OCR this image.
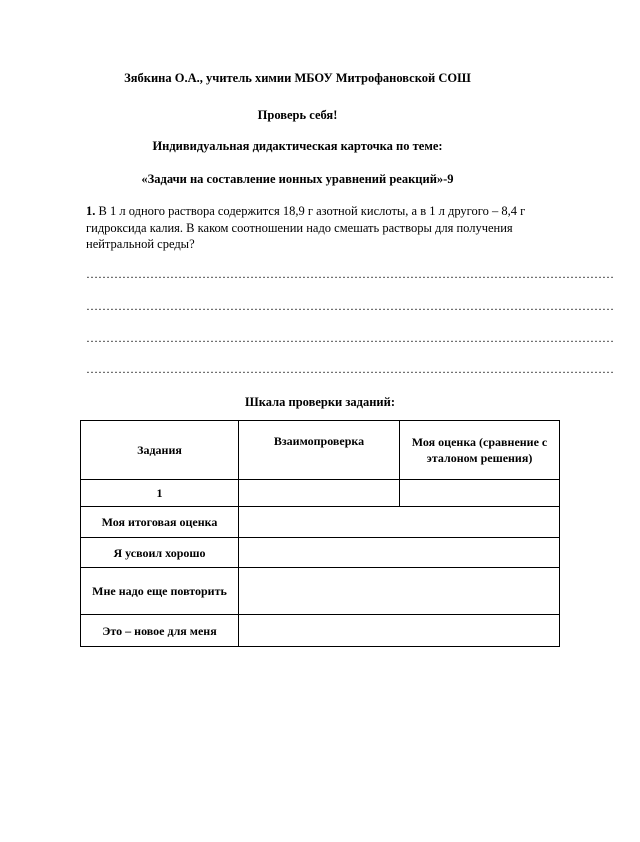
Зябкина О.А., учитель химии МБОУ Митрофановской СОШ
Проверь себя!
Индивидуальная дидактическая карточка по теме:
«Задачи на составление ионных уравнений реакций»-9
1. В 1 л одного раствора содержится 18,9 г азотной кислоты, а в 1 л другого – 8,4 г гидроксида калия. В каком соотношении надо смешать растворы для получения нейтральной среды?
……………………………………………………………………………………………………………………
……………………………………………………………………………………………………………………
……………………………………………………………………………………………………………………
……………………………………………………………………………………………………………………
Шкала проверки заданий:
Задания	Взаимопроверка	Моя оценка (сравнение с эталоном решения)
1		
Моя итоговая оценка		
Я усвоил хорошо		
Мне надо еще повторить		
Это – новое для меня		
